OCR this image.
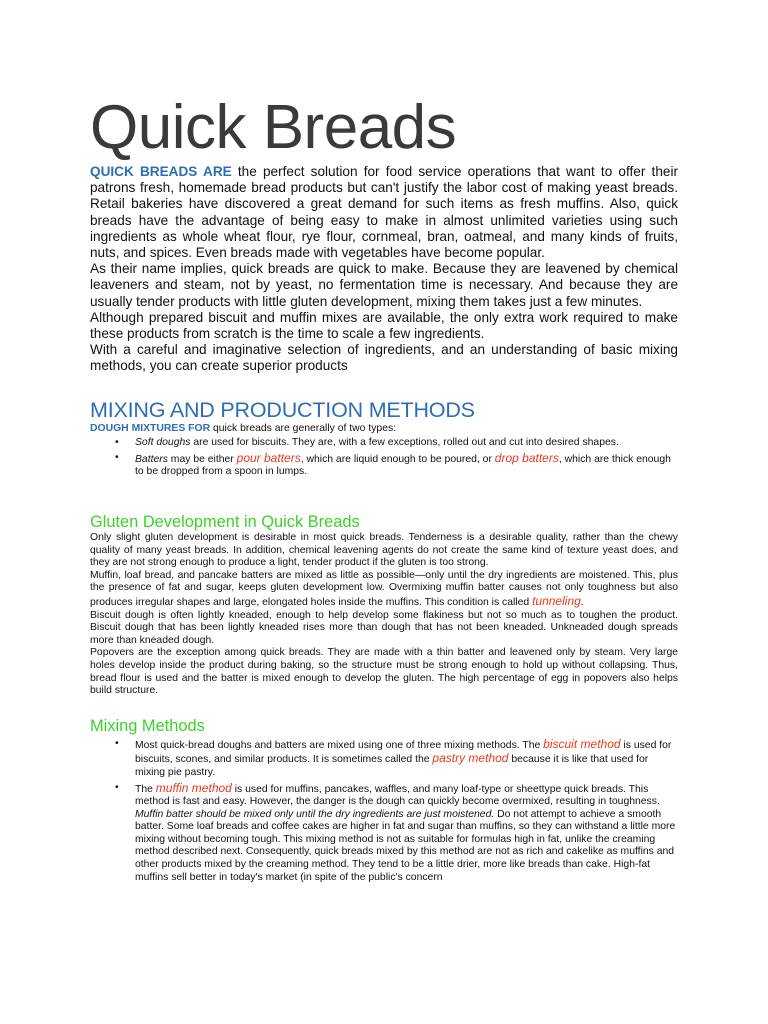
Quick Breads

QUICK BREADS ARE the perfect solution for food service operations that want to offer their patrons fresh, homemade bread products but can't justify the labor cost of making yeast breads. Retail bakeries have discovered a great demand for such items as fresh muffins. Also, quick breads have the advantage of being easy to make in almost unlimited varieties using such ingredients as whole wheat flour, rye flour, cornmeal, bran, oatmeal, and many kinds of fruits, nuts, and spices. Even breads made with vegetables have become popular.

As their name implies, quick breads are quick to make. Because they are leavened by chemical leaveners and steam, not by yeast, no fermentation time is necessary. And because they are usually tender products with little gluten development, mixing them takes just a few minutes.

Although prepared biscuit and muffin mixes are available, the only extra work required to make these products from scratch is the time to scale a few ingredients.

With a careful and imaginative selection of ingredients, and an understanding of basic mixing methods, you can create superior products

MIXING AND PRODUCTION METHODS

DOUGH MIXTURES FOR quick breads are generally of two types:

• Soft doughs are used for biscuits. They are, with a few exceptions, rolled out and cut into desired shapes.
• Batters may be either pour batters, which are liquid enough to be poured, or drop batters, which are thick enough to be dropped from a spoon in lumps.
Gluten Development in Quick Breads

Only slight gluten development is desirable in most quick breads. Tenderness is a desirable quality, rather than the chewy quality of many yeast breads. In addition, chemical leavening agents do not create the same kind of texture yeast does, and they are not strong enough to produce a light, tender product if the gluten is too strong.

Muffin, loaf bread, and pancake batters are mixed as little as possible—only until the dry ingredients are moistened. This, plus the presence of fat and sugar, keeps gluten development low. Overmixing muffin batter causes not only toughness but also produces irregular shapes and large, elongated holes inside the muffins. This condition is called tunneling.

Biscuit dough is often lightly kneaded, enough to help develop some flakiness but not so much as to toughen the product. Biscuit dough that has been lightly kneaded rises more than dough that has not been kneaded. Unkneaded dough spreads more than kneaded dough.

Popovers are the exception among quick breads. They are made with a thin batter and leavened only by steam. Very large holes develop inside the product during baking, so the structure must be strong enough to hold up without collapsing. Thus, bread flour is used and the batter is mixed enough to develop the gluten. The high percentage of egg in popovers also helps build structure.

Mixing Methods
• Most quick-bread doughs and batters are mixed using one of three mixing methods. The biscuit method is used for biscuits, scones, and similar products. It is sometimes called the pastry method because it is like that used for mixing pie pastry.
• The muffin method is used for muffins, pancakes, waffles, and many loaf-type or sheettype quick breads. This method is fast and easy. However, the danger is the dough can quickly become overmixed, resulting in toughness. Muffin batter should be mixed only until the dry ingredients are just moistened. Do not attempt to achieve a smooth batter. Some loaf breads and coffee cakes are higher in fat and sugar than muffins, so they can withstand a little more mixing without becoming tough. This mixing method is not as suitable for formulas high in fat, unlike the creaming method described next. Consequently, quick breads mixed by this method are not as rich and cakelike as muffins and other products mixed by the creaming method. They tend to be a little drier, more like breads than cake. High-fat muffins sell better in today's market (in spite of the public's concern
